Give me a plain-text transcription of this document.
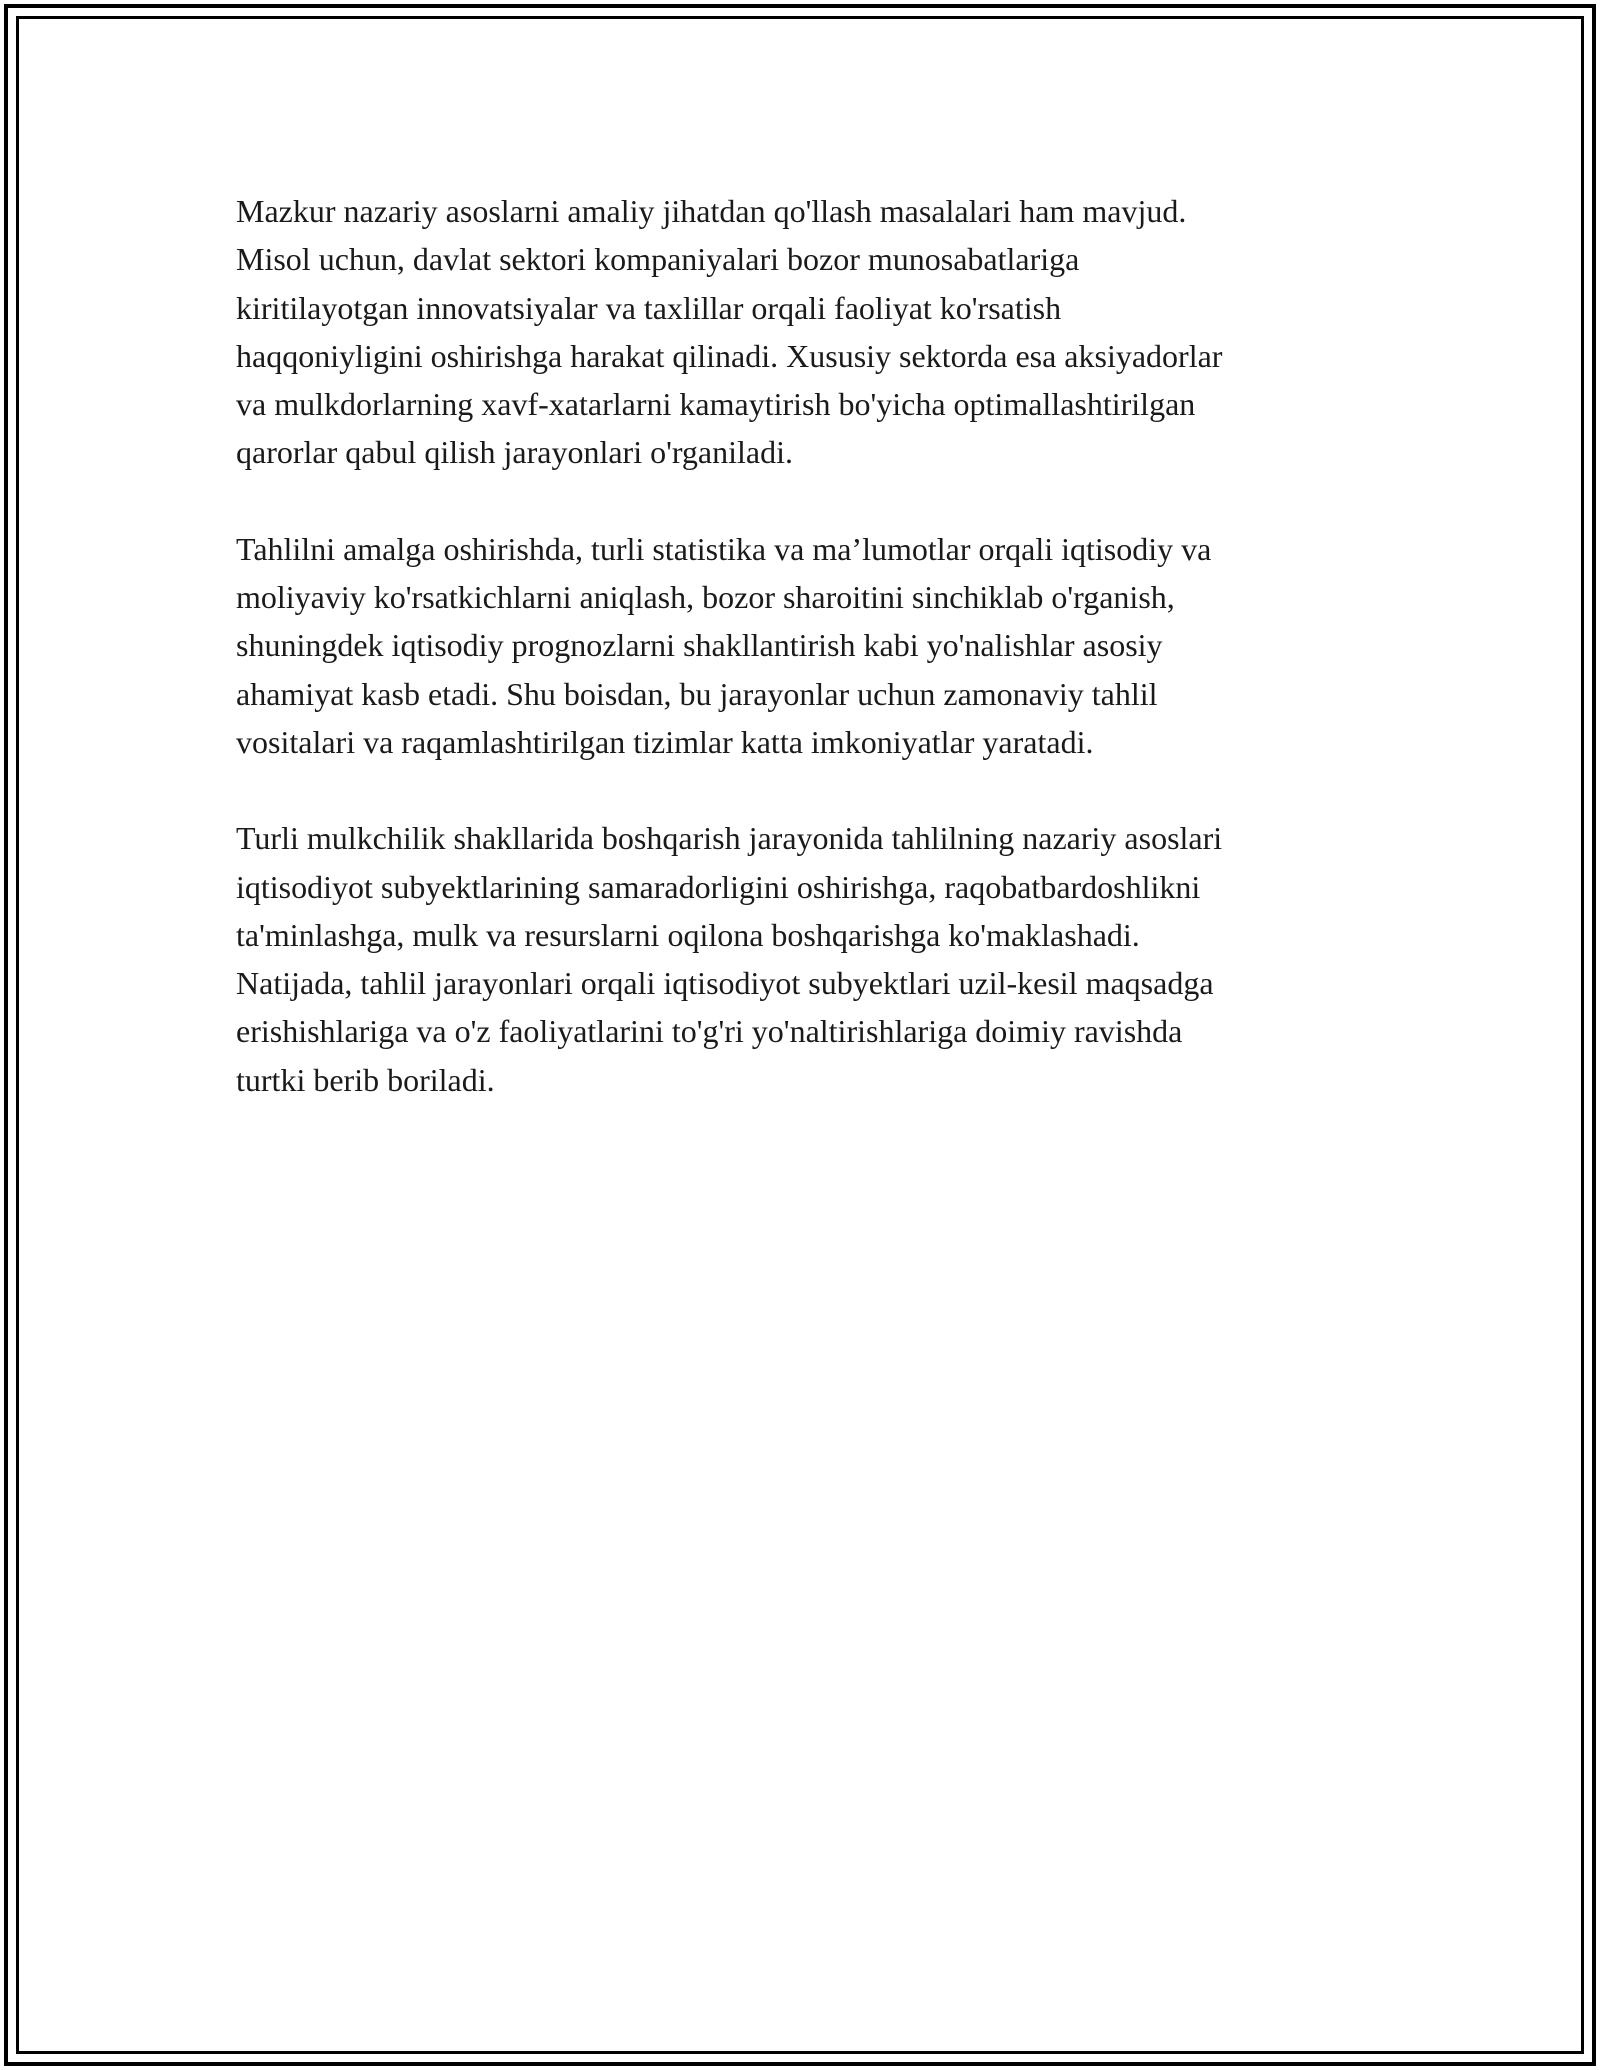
Mazkur nazariy asoslarni amaliy jihatdan qo'llash masalalari ham mavjud.
Misol uchun, davlat sektori kompaniyalari bozor munosabatlariga
kiritilayotgan innovatsiyalar va taxlillar orqali faoliyat ko'rsatish
haqqoniyligini oshirishga harakat qilinadi. Xususiy sektorda esa aksiyadorlar
va mulkdorlarning xavf-xatarlarni kamaytirish bo'yicha optimallashtirilgan
qarorlar qabul qilish jarayonlari o'rganiladi.

Tahlilni amalga oshirishda, turli statistika va ma’lumotlar orqali iqtisodiy va
moliyaviy ko'rsatkichlarni aniqlash, bozor sharoitini sinchiklab o'rganish,
shuningdek iqtisodiy prognozlarni shakllantirish kabi yo'nalishlar asosiy
ahamiyat kasb etadi. Shu boisdan, bu jarayonlar uchun zamonaviy tahlil
vositalari va raqamlashtirilgan tizimlar katta imkoniyatlar yaratadi.

Turli mulkchilik shakllarida boshqarish jarayonida tahlilning nazariy asoslari
iqtisodiyot subyektlarining samaradorligini oshirishga, raqobatbardoshlikni
ta'minlashga, mulk va resurslarni oqilona boshqarishga ko'maklashadi.
Natijada, tahlil jarayonlari orqali iqtisodiyot subyektlari uzil-kesil maqsadga
erishishlariga va o'z faoliyatlarini to'g'ri yo'naltirishlariga doimiy ravishda
turtki berib boriladi.
